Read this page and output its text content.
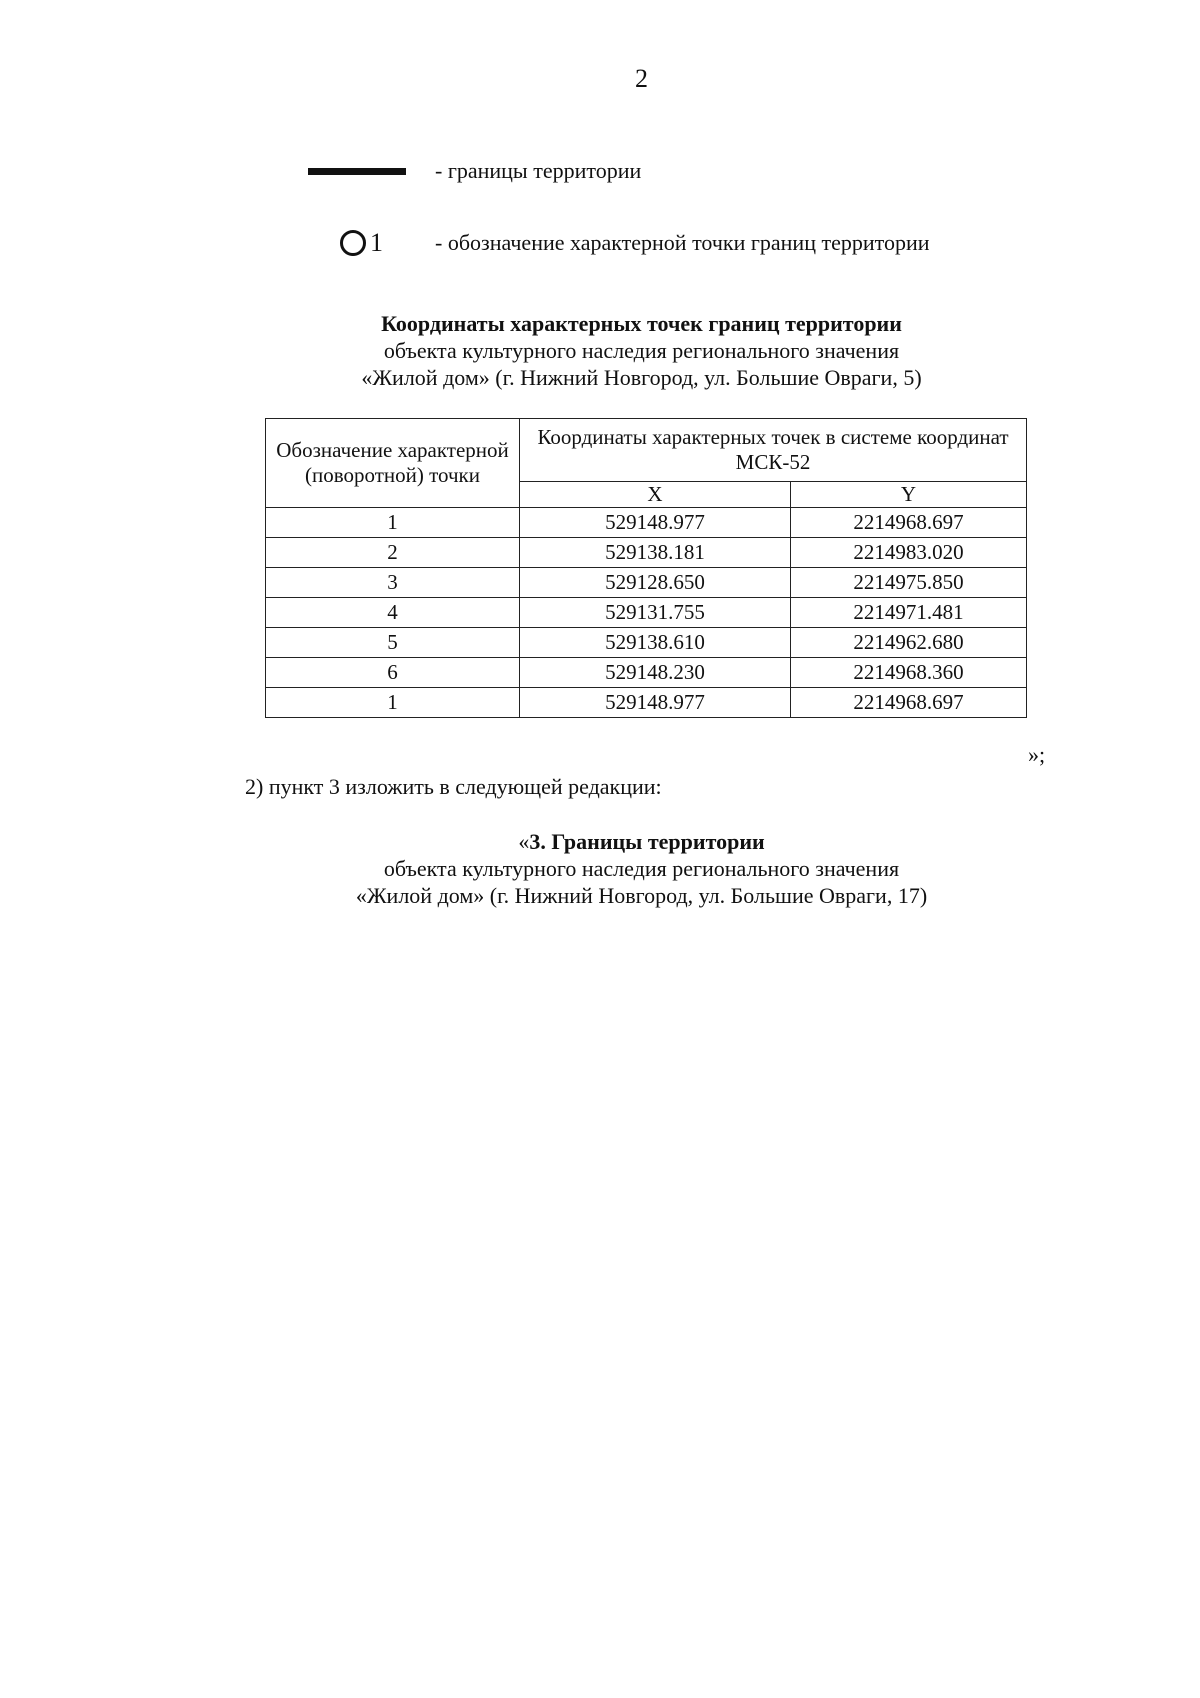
2
- границы территории
1 - обозначение характерной точки границ территории
Координаты характерных точек границ территории
объекта культурного наследия регионального значения
«Жилой дом» (г. Нижний Новгород, ул. Большие Овраги, 5)
Обозначение характерной (поворотной) точки	Координаты характерных точек в системе координат МСК-52	
	X	Y
1	529148.977	2214968.697
2	529138.181	2214983.020
3	529128.650	2214975.850
4	529131.755	2214971.481
5	529138.610	2214962.680
6	529148.230	2214968.360
1	529148.977	2214968.697
»;
2) пункт 3 изложить в следующей редакции:
«3. Границы территории
объекта культурного наследия регионального значения
«Жилой дом» (г. Нижний Новгород, ул. Большие Овраги, 17)
